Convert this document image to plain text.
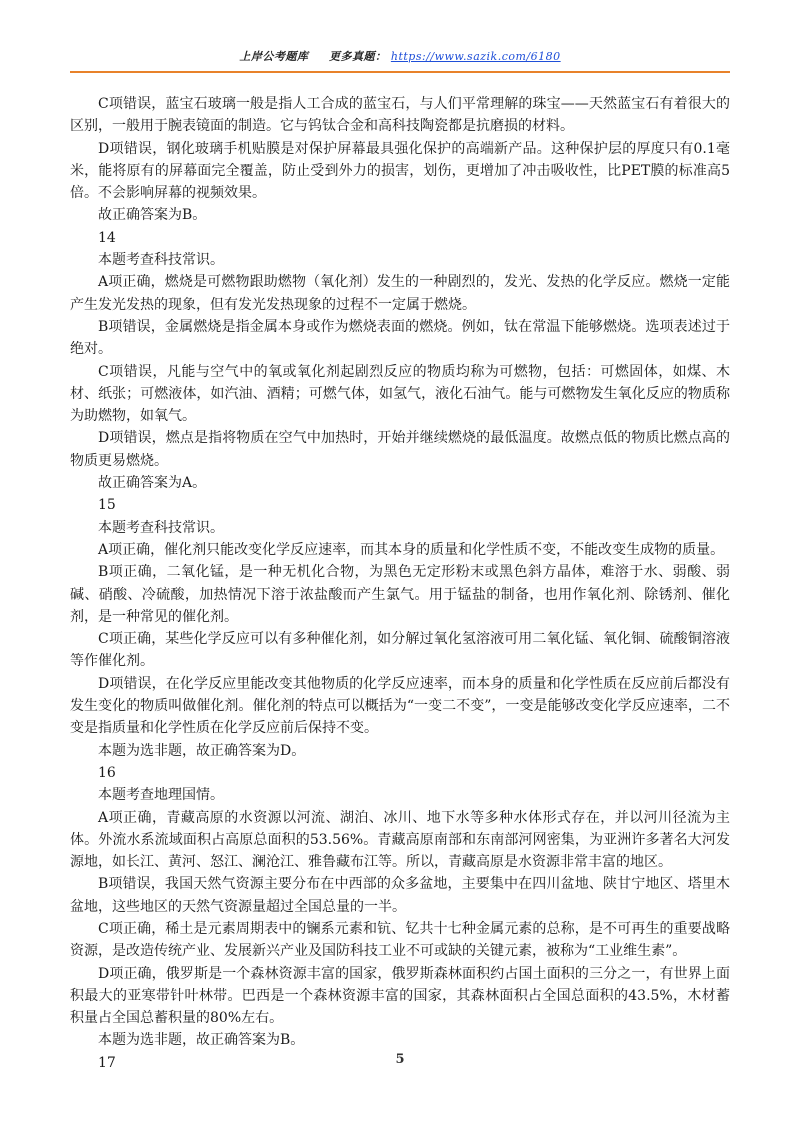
上岸公考题库 更多真题： https://www.sazik.com/6180

C项错误，蓝宝石玻璃一般是指人工合成的蓝宝石，与人们平常理解的珠宝——天然蓝宝石有着很大的区别，一般用于腕表镜面的制造。它与钨钛合金和高科技陶瓷都是抗磨损的材料。

D项错误，钢化玻璃手机贴膜是对保护屏幕最具强化保护的高端新产品。这种保护层的厚度只有0.1毫米，能将原有的屏幕面完全覆盖，防止受到外力的损害，划伤，更增加了冲击吸收性，比PET膜的标准高5倍。不会影响屏幕的视频效果。

故正确答案为B。

14

本题考查科技常识。

A项正确，燃烧是可燃物跟助燃物（氧化剂）发生的一种剧烈的，发光、发热的化学反应。燃烧一定能产生发光发热的现象，但有发光发热现象的过程不一定属于燃烧。

B项错误，金属燃烧是指金属本身或作为燃烧表面的燃烧。例如，钛在常温下能够燃烧。选项表述过于绝对。

C项错误，凡能与空气中的氧或氧化剂起剧烈反应的物质均称为可燃物，包括：可燃固体，如煤、木材、纸张；可燃液体，如汽油、酒精；可燃气体，如氢气，液化石油气。能与可燃物发生氧化反应的物质称为助燃物，如氧气。

D项错误，燃点是指将物质在空气中加热时，开始并继续燃烧的最低温度。故燃点低的物质比燃点高的物质更易燃烧。

故正确答案为A。

15

本题考查科技常识。

A项正确，催化剂只能改变化学反应速率，而其本身的质量和化学性质不变，不能改变生成物的质量。

B项正确，二氧化锰，是一种无机化合物，为黑色无定形粉末或黑色斜方晶体，难溶于水、弱酸、弱碱、硝酸、冷硫酸，加热情况下溶于浓盐酸而产生氯气。用于锰盐的制备，也用作氧化剂、除锈剂、催化剂，是一种常见的催化剂。

C项正确，某些化学反应可以有多种催化剂，如分解过氧化氢溶液可用二氧化锰、氧化铜、硫酸铜溶液等作催化剂。

D项错误，在化学反应里能改变其他物质的化学反应速率，而本身的质量和化学性质在反应前后都没有发生变化的物质叫做催化剂。催化剂的特点可以概括为“一变二不变”，一变是能够改变化学反应速率，二不变是指质量和化学性质在化学反应前后保持不变。

本题为选非题，故正确答案为D。

16

本题考查地理国情。

A项正确，青藏高原的水资源以河流、湖泊、冰川、地下水等多种水体形式存在，并以河川径流为主体。外流水系流域面积占高原总面积的53.56%。青藏高原南部和东南部河网密集，为亚洲许多著名大河发源地，如长江、黄河、怒江、澜沧江、雅鲁藏布江等。所以，青藏高原是水资源非常丰富的地区。

B项错误，我国天然气资源主要分布在中西部的众多盆地，主要集中在四川盆地、陕甘宁地区、塔里木盆地，这些地区的天然气资源量超过全国总量的一半。

C项正确，稀土是元素周期表中的镧系元素和钪、钇共十七种金属元素的总称，是不可再生的重要战略资源，是改造传统产业、发展新兴产业及国防科技工业不可或缺的关键元素，被称为“工业维生素”。

D项正确，俄罗斯是一个森林资源丰富的国家，俄罗斯森林面积约占国土面积的三分之一，有世界上面积最大的亚寒带针叶林带。巴西是一个森林资源丰富的国家，其森林面积占全国总面积的43.5%，木材蓄积量占全国总蓄积量的80%左右。

本题为选非题，故正确答案为B。

17	5
